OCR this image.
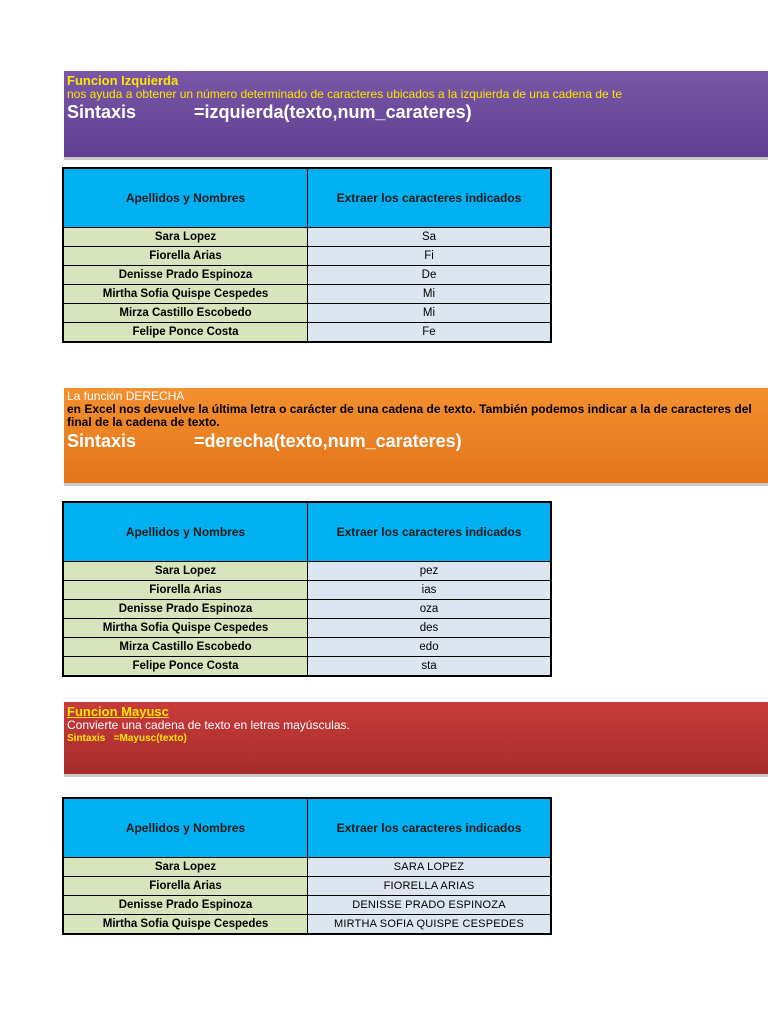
Funcion Izquierda
nos ayuda a obtener un número determinado de caracteres ubicados a la izquierda de una cadena de te
Sintaxis	=izquierda(texto,num_carateres)
Apellidos y Nombres	Extraer los caracteres indicados
Sara Lopez	Sa
Fiorella Arias	Fi
Denisse Prado Espinoza	De
Mirtha Sofia Quispe Cespedes	Mi
Mirza Castillo Escobedo	Mi
Felipe Ponce Costa	Fe
La función DERECHA
en Excel nos devuelve la última letra o carácter de una cadena de texto. También podemos indicar a la de caracteres del final de la cadena de texto.
Sintaxis	=derecha(texto,num_carateres)
Apellidos y Nombres	Extraer los caracteres indicados
Sara Lopez	pez
Fiorella Arias	ias
Denisse Prado Espinoza	oza
Mirtha Sofia Quispe Cespedes	des
Mirza Castillo Escobedo	edo
Felipe Ponce Costa	sta
Funcion Mayusc
Convierte una cadena de texto en letras mayúsculas.
Sintaxis =Mayusc(texto)
Apellidos y Nombres	Extraer los caracteres indicados
Sara Lopez	SARA LOPEZ
Fiorella Arias	FIORELLA ARIAS
Denisse Prado Espinoza	DENISSE PRADO ESPINOZA
Mirtha Sofia Quispe Cespedes	MIRTHA SOFIA QUISPE CESPEDES
